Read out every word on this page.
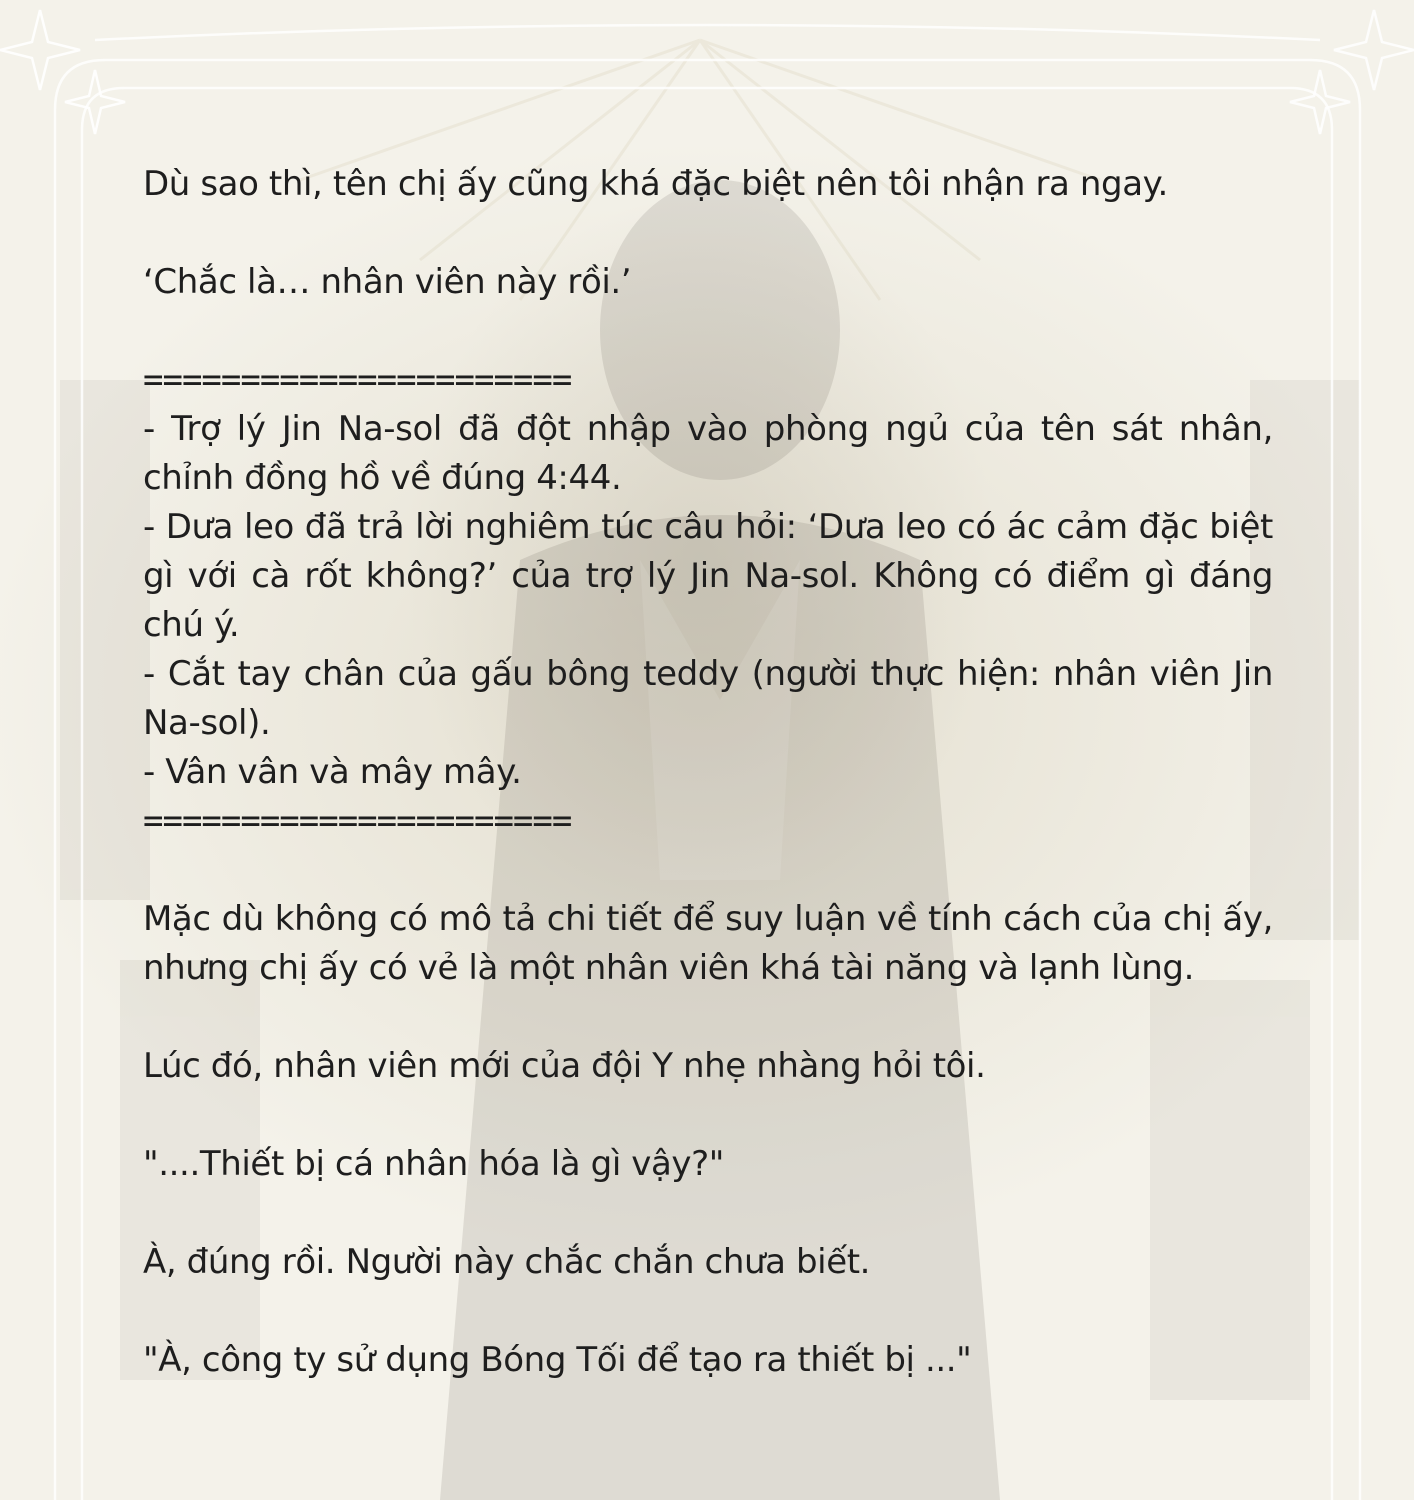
Dù sao thì, tên chị ấy cũng khá đặc biệt nên tôi nhận ra ngay.

‘Chắc là… nhân viên này rồi.’

======================

- Trợ lý Jin Na-sol đã đột nhập vào phòng ngủ của tên sát nhân, chỉnh đồng hồ về đúng 4:44.

- Dưa leo đã trả lời nghiêm túc câu hỏi: ‘Dưa leo có ác cảm đặc biệt gì với cà rốt không?’ của trợ lý Jin Na-sol. Không có điểm gì đáng chú ý.

- Cắt tay chân của gấu bông teddy (người thực hiện: nhân viên Jin Na-sol).

- Vân vân và mây mây.

======================

Mặc dù không có mô tả chi tiết để suy luận về tính cách của chị ấy, nhưng chị ấy có vẻ là một nhân viên khá tài năng và lạnh lùng.

Lúc đó, nhân viên mới của đội Y nhẹ nhàng hỏi tôi.

"....Thiết bị cá nhân hóa là gì vậy?"

À, đúng rồi. Người này chắc chắn chưa biết.

"À, công ty sử dụng Bóng Tối để tạo ra thiết bị ..."
